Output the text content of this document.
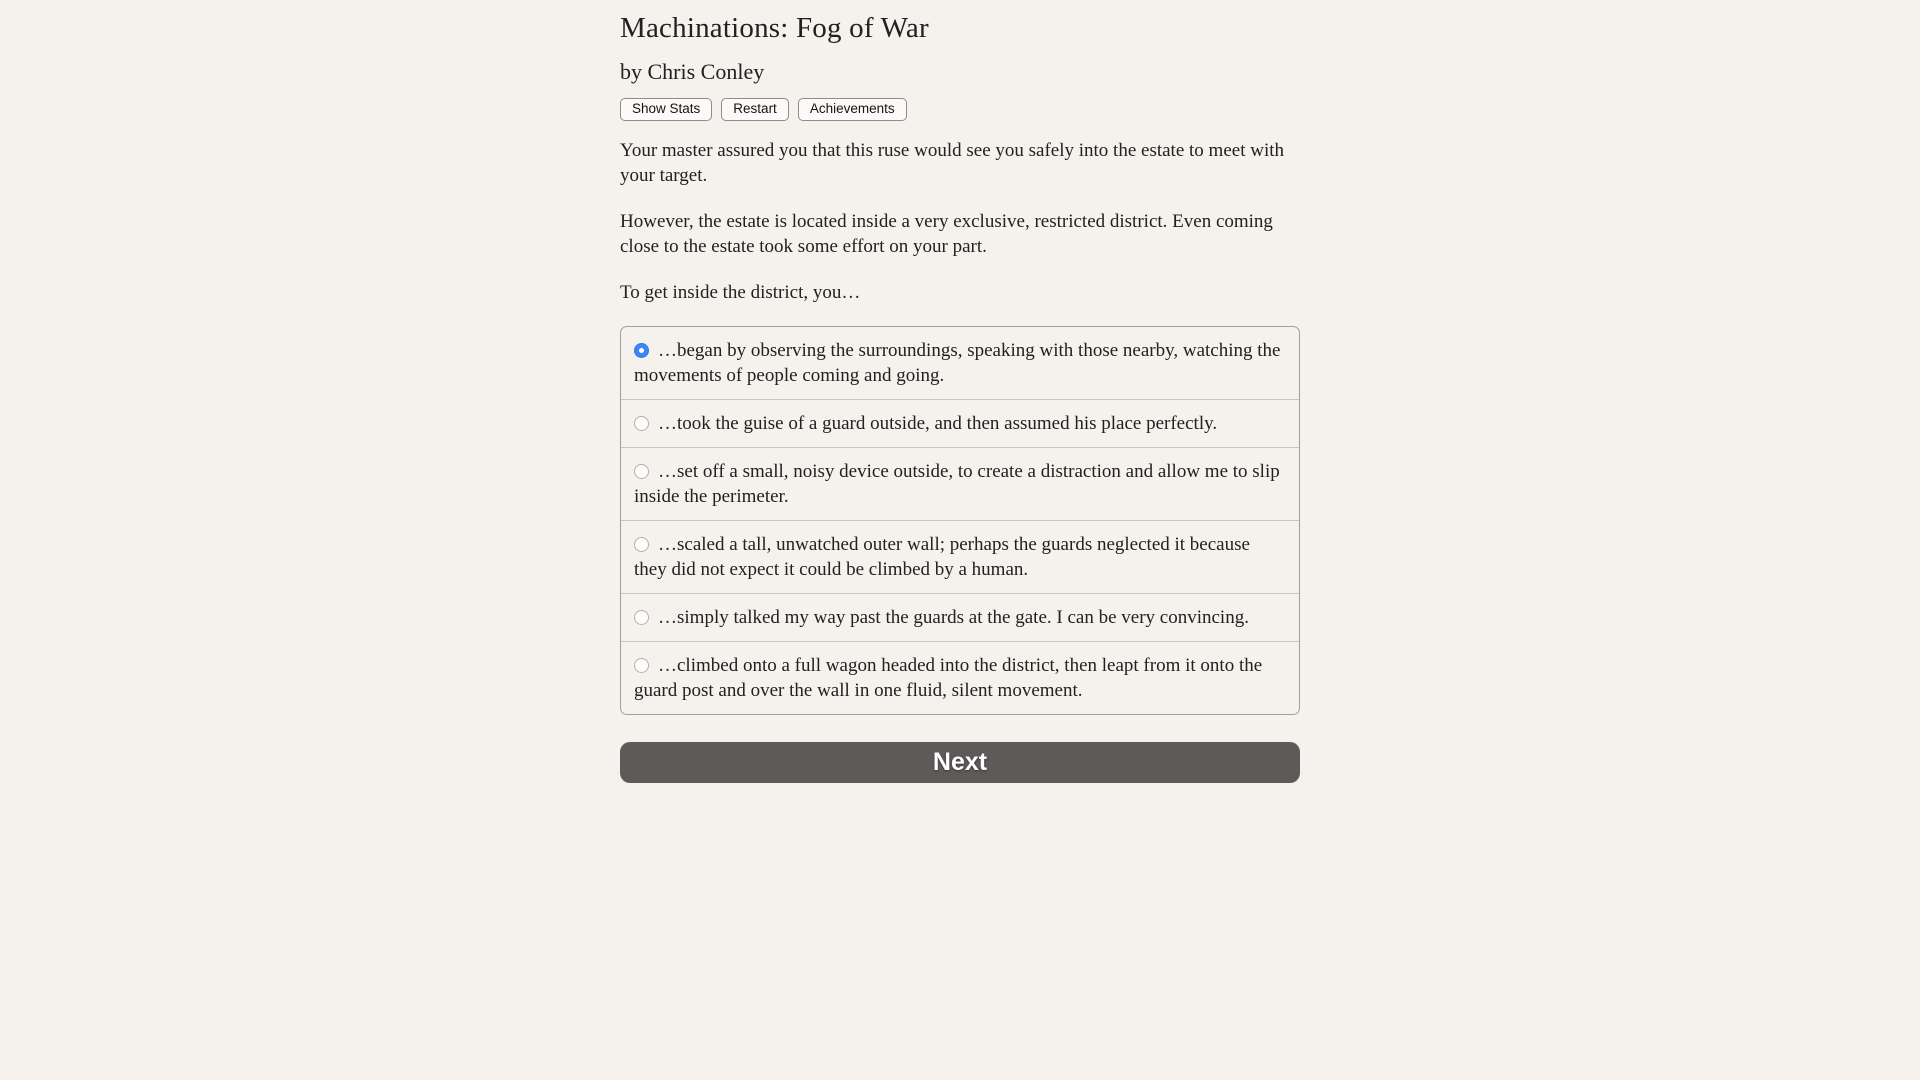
Machinations: Fog of War

by Chris Conley

Show Stats	Restart	Achievements

Your master assured you that this ruse would see you safely into the estate to meet with your target.

However, the estate is located inside a very exclusive, restricted district. Even coming close to the estate took some effort on your part.

To get inside the district, you…

…began by observing the surroundings, speaking with those nearby, watching the movements of people coming and going.
…took the guise of a guard outside, and then assumed his place perfectly.
…set off a small, noisy device outside, to create a distraction and allow me to slip inside the perimeter.
…scaled a tall, unwatched outer wall; perhaps the guards neglected it because they did not expect it could be climbed by a human.
…simply talked my way past the guards at the gate. I can be very convincing.
…climbed onto a full wagon headed into the district, then leapt from it onto the guard post and over the wall in one fluid, silent movement.
Next
